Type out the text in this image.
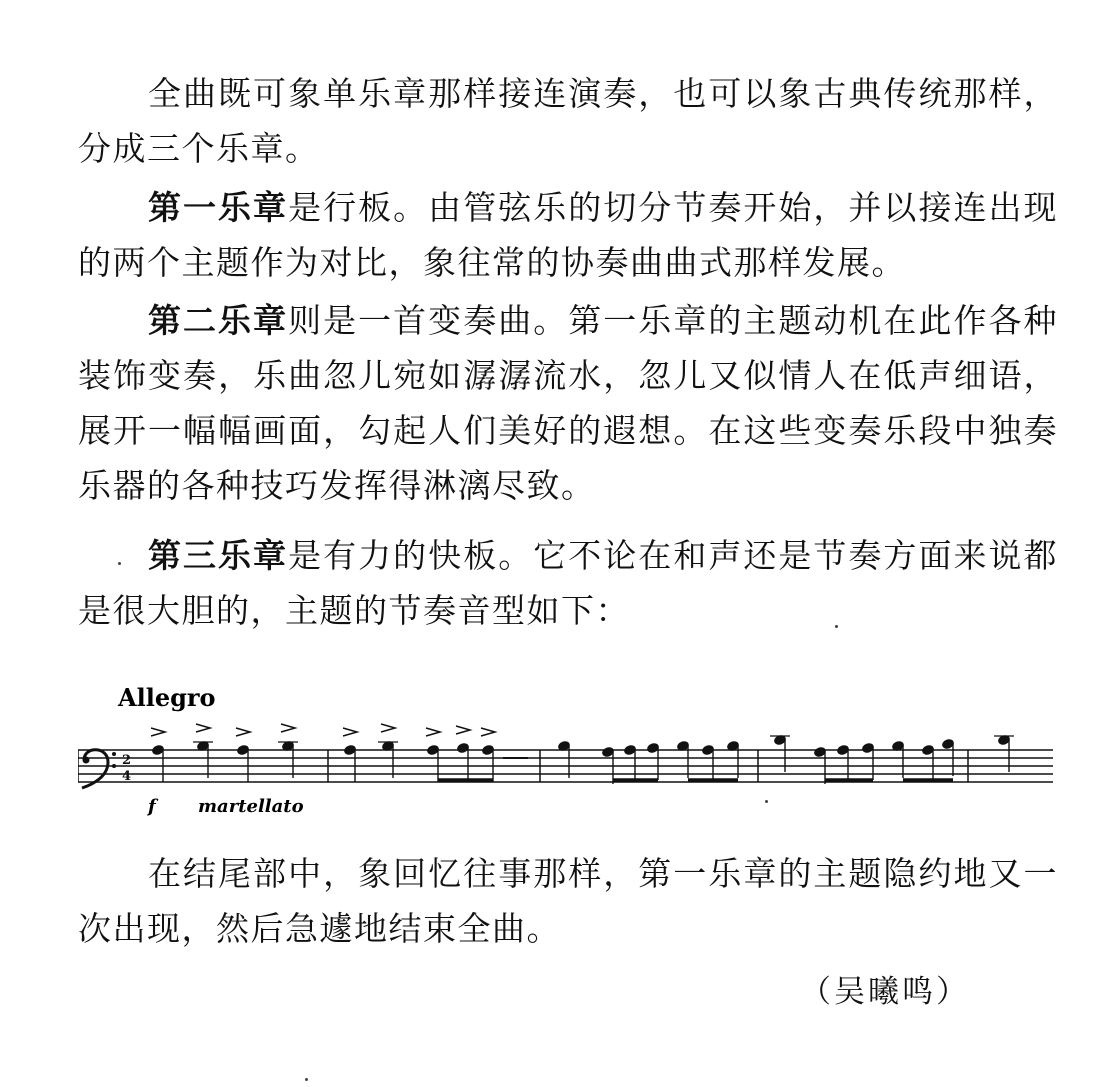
全曲既可象单乐章那样接连演奏，也可以象古典传统那样，分成三个乐章。

第一乐章是行板。由管弦乐的切分节奏开始，并以接连出现的两个主题作为对比，象往常的协奏曲曲式那样发展。

第二乐章则是一首变奏曲。第一乐章的主题动机在此作各种装饰变奏，乐曲忽儿宛如潺潺流水，忽儿又似情人在低声细语，展开一幅幅画面，勾起人们美好的遐想。在这些变奏乐段中独奏乐器的各种技巧发挥得淋漓尽致。

第三乐章是有力的快板。它不论在和声还是节奏方面来说都是很大胆的，主题的节奏音型如下：

Allegro
2
4
f martellato

在结尾部中，象回忆往事那样，第一乐章的主题隐约地又一次出现，然后急遽地结束全曲。

（吴曦鸣）
